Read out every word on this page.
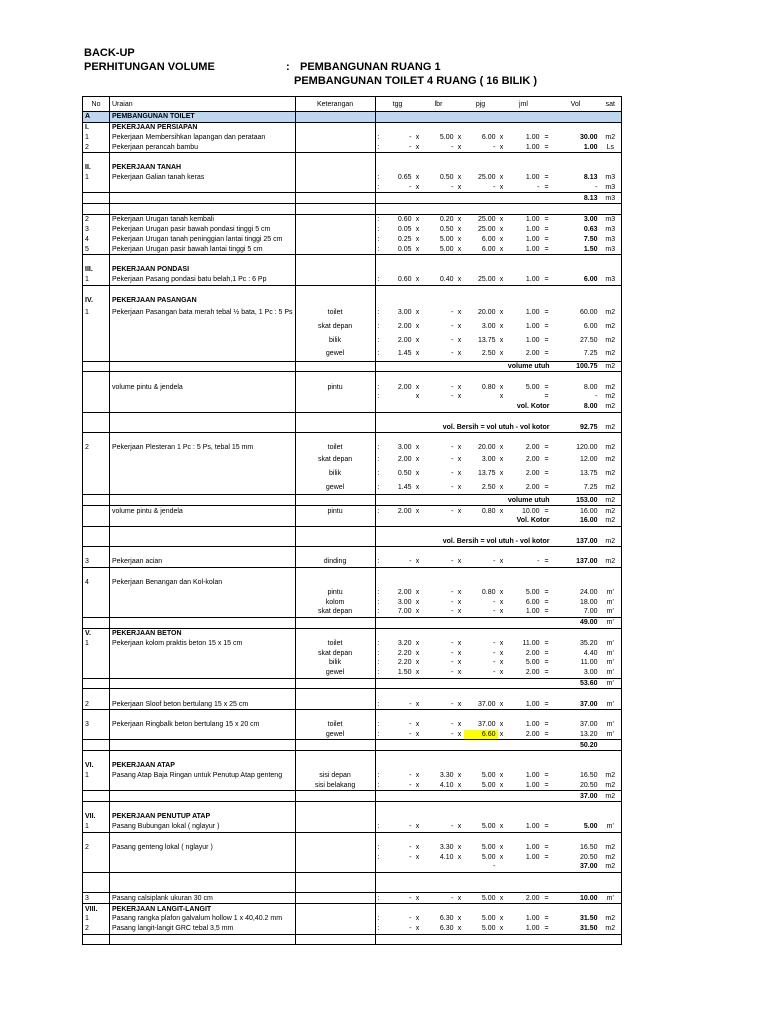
BACK-UP
PERHITUNGAN VOLUME	: PEMBANGUNAN RUANG 1
PEMBANGUNAN TOILET 4 RUANG ( 16 BILIK )
No	Uraian	Keterangan		tgg		lbr		pjg		jml		Vol	sat
A	PEMBANGUNAN TOILET												
I.	PEKERJAAN PERSIAPAN												
1	Pekerjaan Membersihkan lapangan dan perataan		:	-	x	5.00	x	6.00	x	1.00	=	30.00	m2
2	Pekerjaan perancah bambu		:	-	x	-	x	-	x	1.00	=	1.00	Ls

II.	PEKERJAAN TANAH												
1	Pekerjaan Galian tanah keras		:	0.65	x	0.50	x	25.00	x	1.00	=	8.13	m3
			:	-	x	-	x	-	x	-	=	-	m3
												8.13	m3

2	Pekerjaan Urugan tanah kembali		:	0.60	x	0.20	x	25.00	x	1.00	=	3.00	m3
3	Pekerjaan Urugan pasir bawah pondasi tinggi 5 cm		:	0.05	x	0.50	x	25.00	x	1.00	=	0.63	m3
4	Pekerjaan Urugan tanah peninggian lantai tinggi 25 cm		:	0.25	x	5.00	x	6.00	x	1.00	=	7.50	m3
5	Pekerjaan Urugan pasir bawah lantai tinggi 5 cm		:	0.05	x	5.00	x	6.00	x	1.00	=	1.50	m3

III.	PEKERJAAN PONDASI												
1	Pekerjaan Pasang pondasi batu belah,1 Pc : 6 Pp		:	0.60	x	0.40	x	25.00	x	1.00	=	6.00	m3

IV.	PEKERJAAN PASANGAN												
1	Pekerjaan Pasangan bata merah tebal ½ bata, 1 Pc : 5 Ps	toilet	:	3.00	x	-	x	20.00	x	1.00	=	60.00	m2
		skat depan	:	2.00	x	-	x	3.00	x	1.00	=	6.00	m2
		bilik	:	2.00	x	-	x	13.75	x	1.00	=	27.50	m2
		gewel	:	1.45	x	-	x	2.50	x	2.00	=	7.25	m2
				volume utuh								100.75	m2

	volume pintu & jendela	pintu	:	2.00	x	-	x	0.80	x	5.00	=	8.00	m2
			:		x	-	x		x		=	-	m2
				vol. Kotor								8.00	m2

				vol. Bersih = vol utuh - vol kotor								92.75	m2

2	Pekerjaan Plesteran 1 Pc : 5 Ps, tebal 15 mm	toilet	:	3.00	x	-	x	20.00	x	2.00	=	120.00	m2
		skat depan	:	2.00	x	-	x	3.00	x	2.00	=	12.00	m2
		bilik	:	0.50	x	-	x	13.75	x	2.00	=	13.75	m2
		gewel	:	1.45	x	-	x	2.50	x	2.00	=	7.25	m2
				volume utuh								153.00	m2
	volume pintu & jendela	pintu	:	2.00	x	-	x	0.80	x	10.00	=	16.00	m2
				Vol. Kotor								16.00	m2

				vol. Bersih = vol utuh - vol kotor								137.00	m2

3	Pekerjaan acian	dinding	:	-	x	-	x	-	x	-	=	137.00	m2

4	Pekerjaan Benangan dan Kol-kolan												
		pintu	:	2.00	x	-	x	0.80	x	5.00	=	24.00	m'
		kolom	:	3.00	x	-	x	-	x	6.00	=	18.00	m'
		skat depan	:	7.00	x	-	x	-	x	1.00	=	7.00	m'
												49.00	m'
V.	PEKERJAAN BETON												
1	Pekerjaan kolom praktis beton 15 x 15 cm	toilet	:	3.20	x	-	x	-	x	11.00	=	35.20	m'
		skat depan	:	2.20	x	-	x	-	x	2.00	=	4.40	m'
		bilik	:	2.20	x	-	x	-	x	5.00	=	11.00	m'
		gewel	:	1.50	x	-	x	-	x	2.00	=	3.00	m'
												53.60	m'

2	Pekerjaan Sloof beton bertulang 15 x 25 cm		:	-	x	-	x	37.00	x	1.00	=	37.00	m'

3	Pekerjaan Ringbalk beton bertulang 15 x 20 cm	toilet	:	-	x	-	x	37.00	x	1.00	=	37.00	m'
		gewel	:	-	x	-	x	6.60	x	2.00	=	13.20	m'
												50.20	

VI.	PEKERJAAN ATAP												
1	Pasang Atap Baja Ringan untuk Penutup Atap genteng	sisi depan	:	-	x	3.30	x	5.00	x	1.00	=	16.50	m2
		sisi belakang	:	-	x	4.10	x	5.00	x	1.00	=	20.50	m2
												37.00	m2

VII.	PEKERJAAN PENUTUP ATAP												
1	Pasang Bubungan lokal ( nglayur )		:	-	x	-	x	5.00	x	1.00	=	5.00	m'

2	Pasang genteng lokal ( nglayur )		:	-	x	3.30	x	5.00	x	1.00	=	16.50	m2
			:	-	x	4.10	x	5.00	x	1.00	=	20.50	m2
								-				37.00	m2

3	Pasang calsiplank ukuran 30 cm		:	-	x	-	x	5.00	x	2.00	=	10.00	m'
VIII.	PEKERJAAN LANGIT-LANGIT												
1	Pasang rangka plafon galvalum hollow 1 x 40,40.2 mm		:	-	x	6.30	x	5.00	x	1.00	=	31.50	m2
2	Pasang langit-langit GRC tebal 3,5 mm		:	-	x	6.30	x	5.00	x	1.00	=	31.50	m2
